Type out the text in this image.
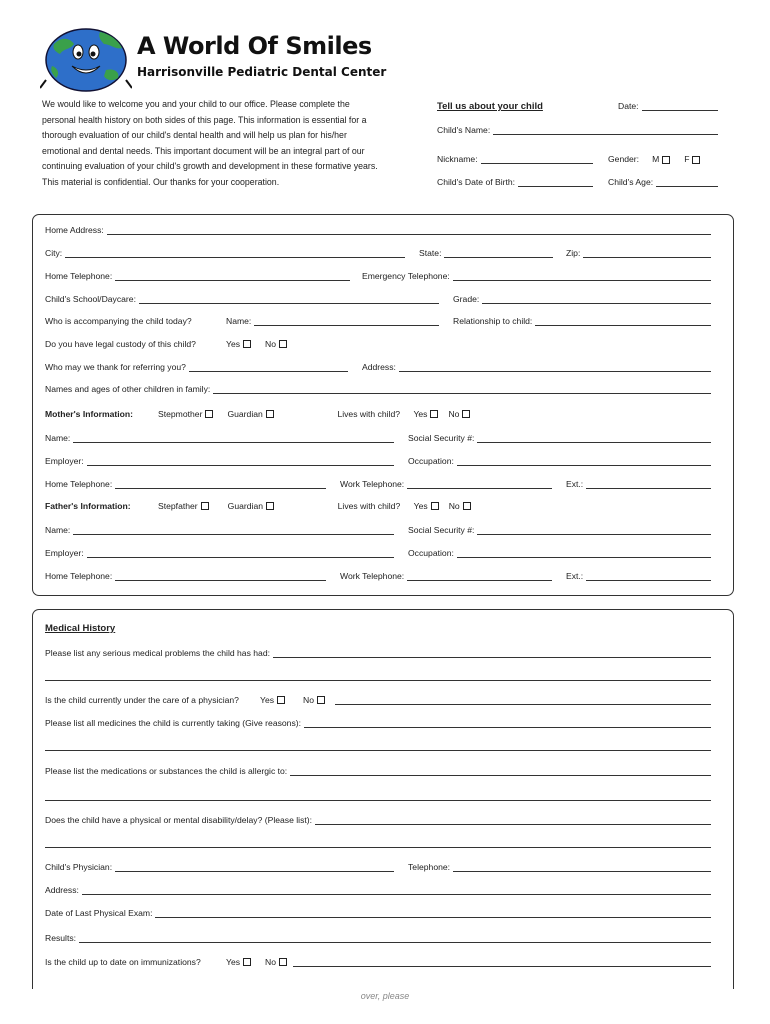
A World Of Smiles
Harrisonville Pediatric Dental Center
We would like to welcome you and your child to our office. Please complete the personal health history on both sides of this page. This information is essential for a thorough evaluation of our child's dental health and will help us plan for his/her emotional and dental needs. This important document will be an integral part of our continuing evaluation of your child's growth and development in these formative years. This material is confidential. Our thanks for your cooperation.
Tell us about your child	Date:
Child's Name:
Nickname:	Gender:	M	F
Child's Date of Birth:	Child's Age:
Home Address:
City:	State:	Zip:
Home Telephone:	Emergency Telephone:
Child's School/Daycare:	Grade:
Who is accompanying the child today?	Name:	Relationship to child:
Do you have legal custody of this child?	Yes	No
Who may we thank for referring you?	Address:
Names and ages of other children in family:
Mother's Information:	Stepmother	Guardian	Lives with child?	Yes	No
Name:	Social Security #:
Employer:	Occupation:
Home Telephone:	Work Telephone:	Ext.:
Father's Information:	Stepfather	Guardian	Lives with child?	Yes	No
Name:	Social Security #:
Employer:	Occupation:
Home Telephone:	Work Telephone:	Ext.:
Medical History
Please list any serious medical problems the child has had:
Is the child currently under the care of a physician?	Yes	No
Please list all medicines the child is currently taking (Give reasons):
Please list the medications or substances the child is allergic to:
Does the child have a physical or mental disability/delay? (Please list):
Child's Physician:	Telephone:
Address:
Date of Last Physical Exam:
Results:
Is the child up to date on immunizations?	Yes	No
over, please
